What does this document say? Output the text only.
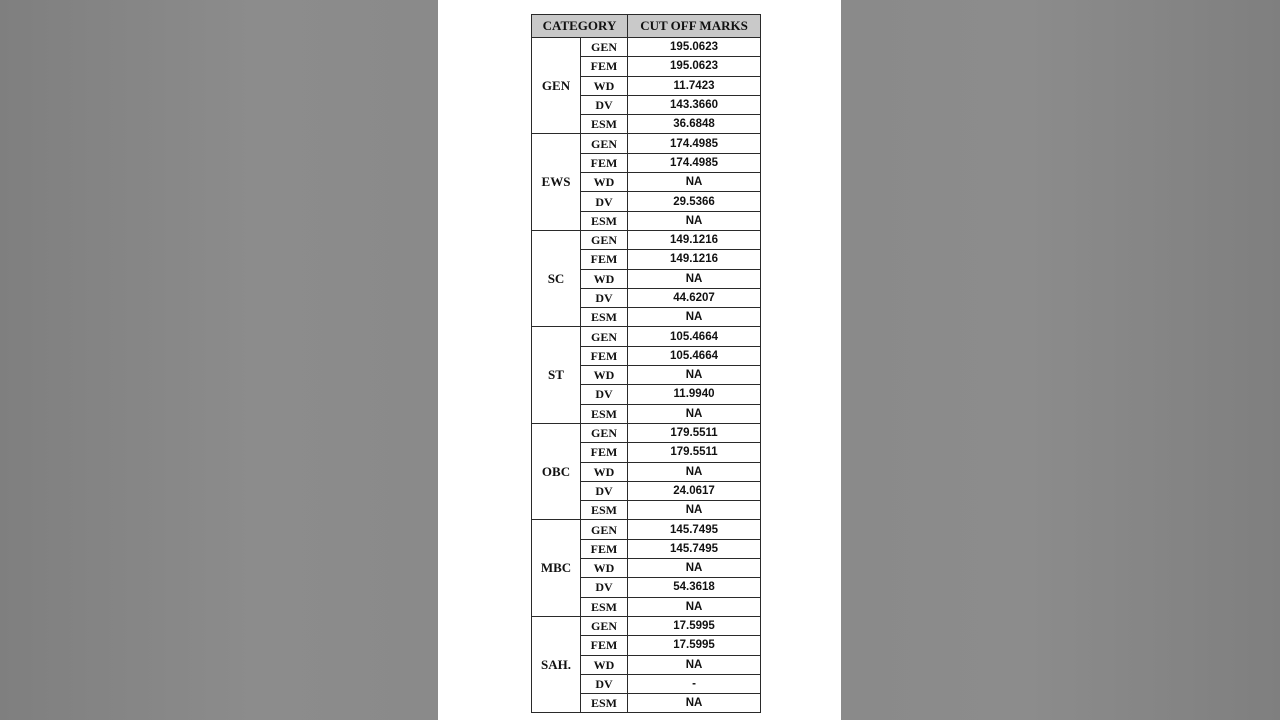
CATEGORY		CUT OFF MARKS
GEN	GEN	195.0623
	FEM	195.0623
	WD	11.7423
	DV	143.3660
	ESM	36.6848
EWS	GEN	174.4985
	FEM	174.4985
	WD	NA
	DV	29.5366
	ESM	NA
SC	GEN	149.1216
	FEM	149.1216
	WD	NA
	DV	44.6207
	ESM	NA
ST	GEN	105.4664
	FEM	105.4664
	WD	NA
	DV	11.9940
	ESM	NA
OBC	GEN	179.5511
	FEM	179.5511
	WD	NA
	DV	24.0617
	ESM	NA
MBC	GEN	145.7495
	FEM	145.7495
	WD	NA
	DV	54.3618
	ESM	NA
SAH.	GEN	17.5995
	FEM	17.5995
	WD	NA
	DV	-
	ESM	NA
